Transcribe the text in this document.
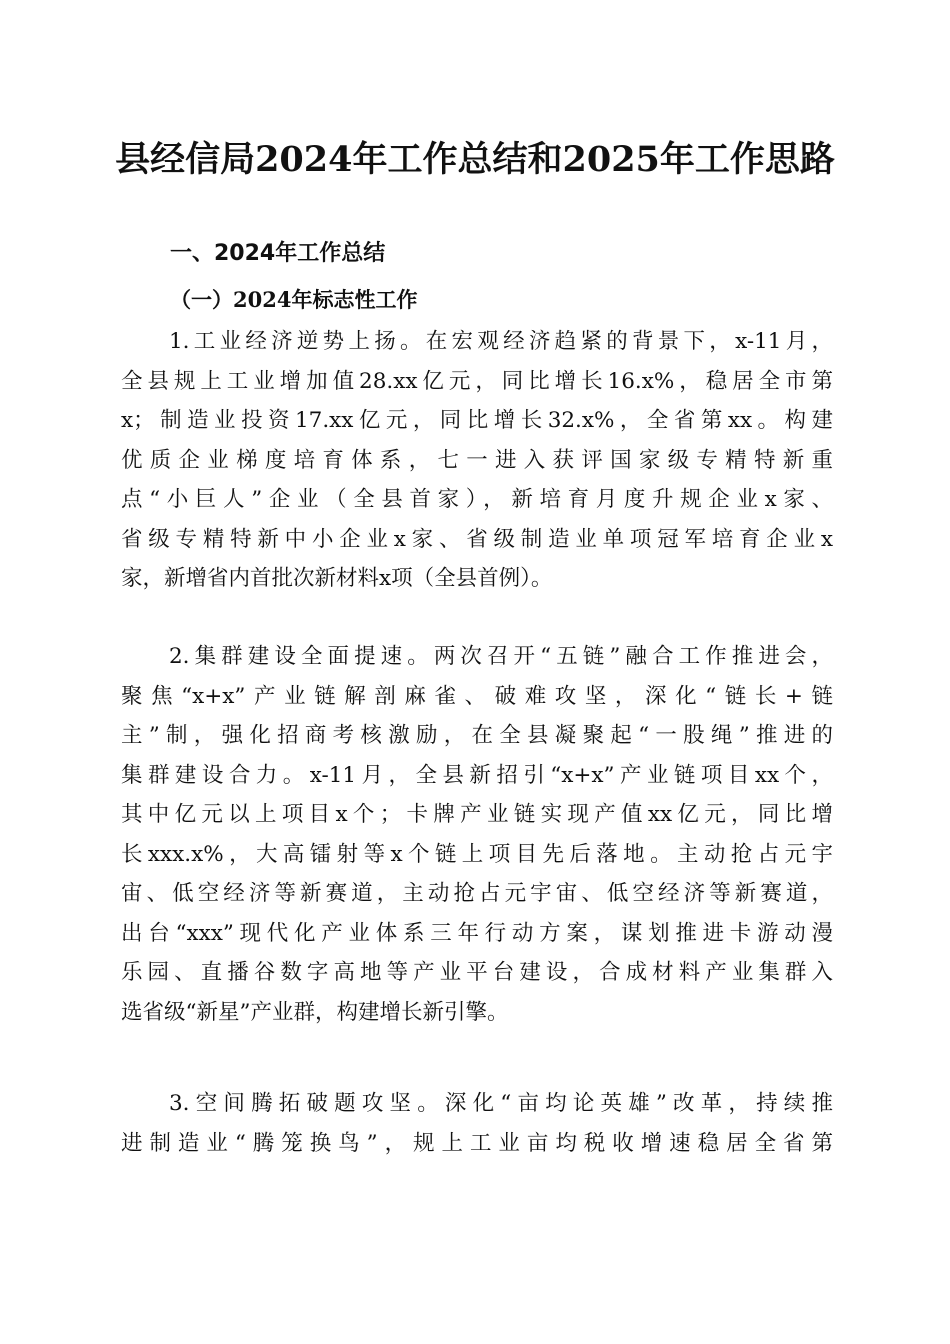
县经信局2024年工作总结和2025年工作思路
一、2024年工作总结
（一）2024年标志性工作
1.工业经济逆势上扬。在宏观经济趋紧的背景下，x-11月，
全县规上工业增加值28.xx亿元，同比增长16.x%，稳居全市第
x；制造业投资17.xx亿元，同比增长32.x%，全省第xx。构建
优质企业梯度培育体系，七一进入获评国家级专精特新重
点“小巨人”企业（全县首家），新培育月度升规企业x家、
省级专精特新中小企业x家、省级制造业单项冠军培育企业x
家，新增省内首批次新材料x项（全县首例）。
2.集群建设全面提速。两次召开“五链”融合工作推进会，
聚焦“x+x”产业链解剖麻雀、破难攻坚，深化“链长+链
主”制，强化招商考核激励，在全县凝聚起“一股绳”推进的
集群建设合力。x-11月，全县新招引“x+x”产业链项目xx个，
其中亿元以上项目x个；卡牌产业链实现产值xx亿元，同比增
长xxx.x%，大高镭射等x个链上项目先后落地。主动抢占元宇
宙、低空经济等新赛道，主动抢占元宇宙、低空经济等新赛道，
出台“xxx”现代化产业体系三年行动方案，谋划推进卡游动漫
乐园、直播谷数字高地等产业平台建设，合成材料产业集群入
选省级“新星”产业群，构建增长新引擎。
3.空间腾拓破题攻坚。深化“亩均论英雄”改革，持续推
进制造业“腾笼换鸟”，规上工业亩均税收增速稳居全省第
